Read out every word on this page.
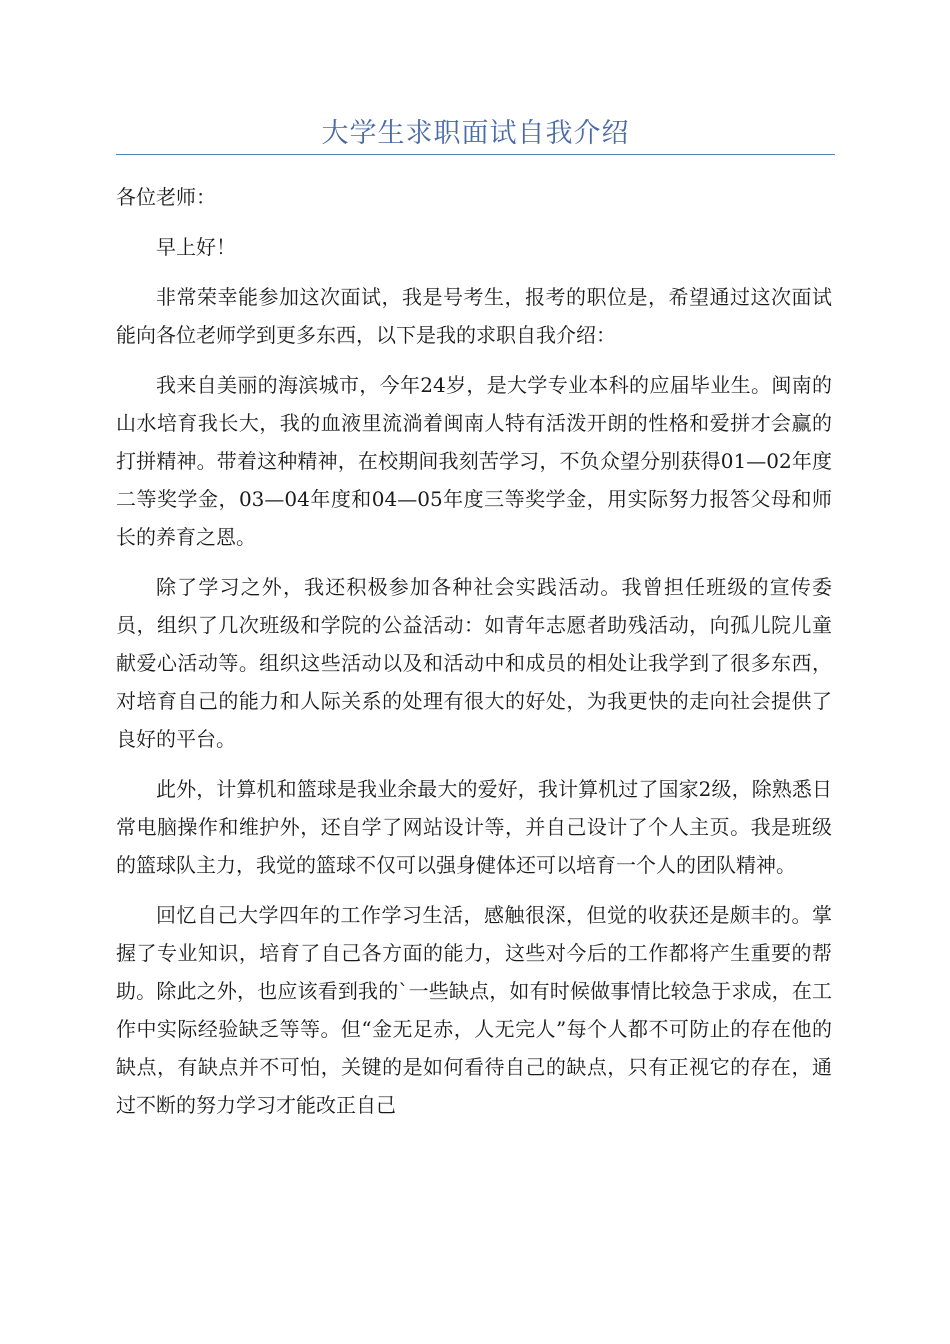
大学生求职面试自我介绍

各位老师：

早上好！

非常荣幸能参加这次面试，我是号考生，报考的职位是，希望通过这次面试能向各位老师学到更多东西，以下是我的求职自我介绍：

我来自美丽的海滨城市，今年24岁，是大学专业本科的应届毕业生。闽南的山水培育我长大，我的血液里流淌着闽南人特有活泼开朗的性格和爱拼才会赢的打拼精神。带着这种精神，在校期间我刻苦学习，不负众望分别获得01—02年度二等奖学金，03—04年度和04—05年度三等奖学金，用实际努力报答父母和师长的养育之恩。

除了学习之外，我还积极参加各种社会实践活动。我曾担任班级的宣传委员，组织了几次班级和学院的公益活动：如青年志愿者助残活动，向孤儿院儿童献爱心活动等。组织这些活动以及和活动中和成员的相处让我学到了很多东西，对培育自己的能力和人际关系的处理有很大的好处，为我更快的走向社会提供了良好的平台。

此外，计算机和篮球是我业余最大的爱好，我计算机过了国家2级，除熟悉日常电脑操作和维护外，还自学了网站设计等，并自己设计了个人主页。我是班级的篮球队主力，我觉的篮球不仅可以强身健体还可以培育一个人的团队精神。

回忆自己大学四年的工作学习生活，感触很深，但觉的收获还是颇丰的。掌握了专业知识，培育了自己各方面的能力，这些对今后的工作都将产生重要的帮助。除此之外，也应该看到我的`一些缺点，如有时候做事情比较急于求成，在工作中实际经验缺乏等等。但“金无足赤，人无完人”每个人都不可防止的存在他的缺点，有缺点并不可怕，关键的是如何看待自己的缺点，只有正视它的存在，通过不断的努力学习才能改正自己
